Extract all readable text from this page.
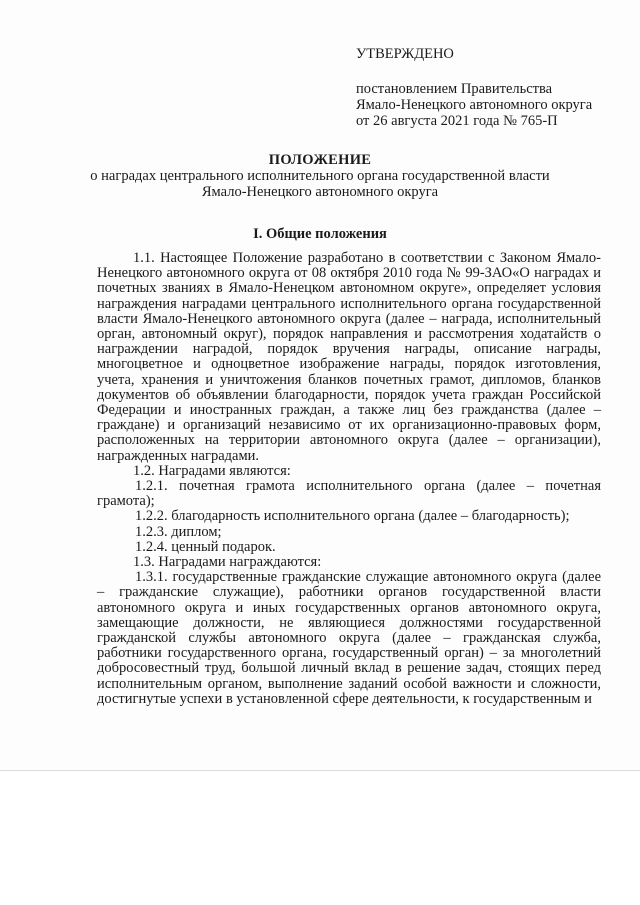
УТВЕРЖДЕНО
постановлением Правительства
Ямало-Ненецкого автономного округа
от 26 августа 2021 года № 765-П
ПОЛОЖЕНИЕ
о наградах центрального исполнительного органа государственной власти
Ямало-Ненецкого автономного округа
I. Общие положения

1.1. Настоящее Положение разработано в соответствии с Законом Ямало-Ненецкого автономного округа от 08 октября 2010 года № 99-ЗАО«О наградах и почетных званиях в Ямало-Ненецком автономном округе», определяет условия награждения наградами центрального исполнительного органа государственной власти Ямало-Ненецкого автономного округа (далее – награда, исполнительный орган, автономный округ), порядок направления и рассмотрения ходатайств о награждении наградой, порядок вручения награды, описание награды, многоцветное и одноцветное изображение награды, порядок изготовления, учета, хранения и уничтожения бланков почетных грамот, дипломов, бланков документов об объявлении благодарности, порядок учета граждан Российской Федерации и иностранных граждан, а также лиц без гражданства (далее – граждане) и организаций независимо от их организационно-правовых форм, расположенных на территории автономного округа (далее – организации), награжденных наградами.

1.2. Наградами являются:

1.2.1. почетная грамота исполнительного органа (далее – почетная грамота);

1.2.2. благодарность исполнительного органа (далее – благодарность);

1.2.3. диплом;

1.2.4. ценный подарок.

1.3. Наградами награждаются:

1.3.1. государственные гражданские служащие автономного округа (далее – гражданские служащие), работники органов государственной власти автономного округа и иных государственных органов автономного округа, замещающие должности, не являющиеся должностями государственной гражданской службы автономного округа (далее – гражданская служба, работники государственного органа, государственный орган) – за многолетний добросовестный труд, большой личный вклад в решение задач, стоящих перед исполнительным органом, выполнение заданий особой важности и сложности, достигнутые успехи в установленной сфере деятельности, к государственным и
